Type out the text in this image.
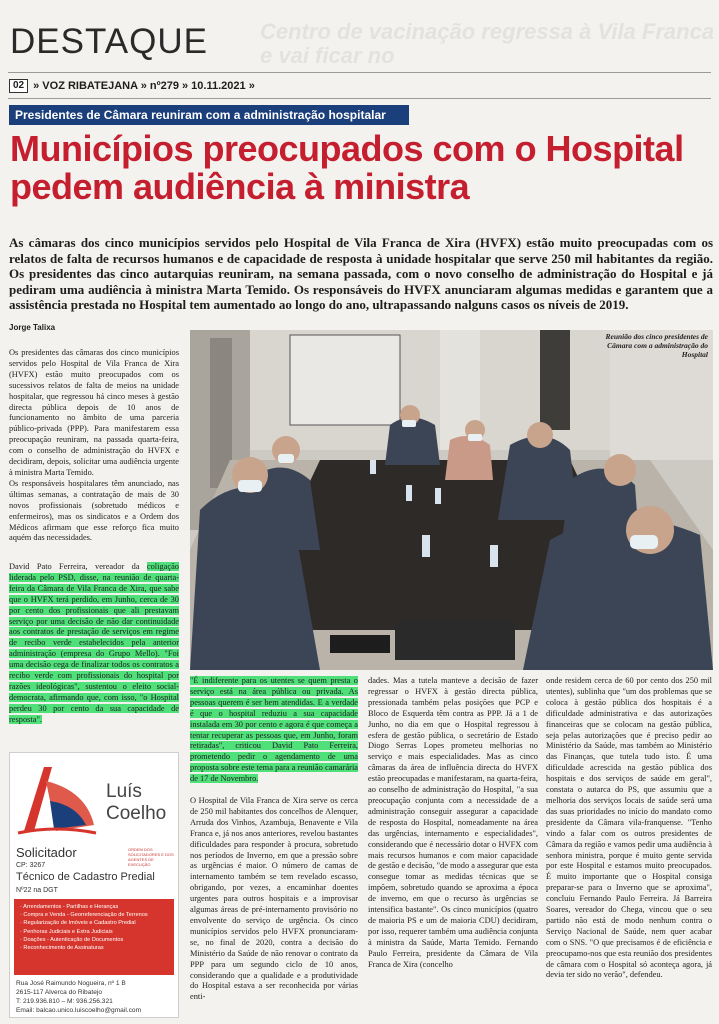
Centro de vacinação regressa à Vila Franca e vai ficar no
DESTAQUE
02 » VOZ RIBATEJANA » nº279 » 10.11.2021 »
Presidentes de Câmara reuniram com a administração hospitalar
Municípios preocupados com o Hospital pedem audiência à ministra
As câmaras dos cinco municípios servidos pelo Hospital de Vila Franca de Xira (HVFX) estão muito preocupadas com os relatos de falta de recursos humanos e de capacidade de resposta à unidade hospitalar que serve 250 mil habitantes da região. Os presidentes das cinco autarquias reuniram, na semana passada, com o novo conselho de administração do Hospital e já pediram uma audiência à ministra Marta Temido. Os responsáveis do HVFX anunciaram algumas medidas e garantem que a assistência prestada no Hospital tem aumentado ao longo do ano, ultrapassando nalguns casos os níveis de 2019.
Jorge Talixa
Reunião dos cinco presidentes de Câmara com a administração do Hospital

Os presidentes das câmaras dos cinco municípios servidos pelo Hospital de Vila Franca de Xira (HVFX) estão muito preocupados com os sucessivos relatos de falta de meios na unidade hospitalar, que regressou há cinco meses à gestão directa pública depois de 10 anos de funcionamento no âmbito de uma parceria público-privada (PPP). Para manifestarem essa preocupação reuniram, na passada quarta-feira, com o conselho de administração do HVFX e decidiram, depois, solicitar uma audiência urgente à ministra Marta Temido.

Os responsáveis hospitalares têm anunciado, nas últimas semanas, a contratação de mais de 30 novos profissionais (sobretudo médicos e enfermeiros), mas os sindicatos e a Ordem dos Médicos afirmam que esse reforço fica muito aquém das necessidades.

David Pato Ferreira, vereador da coligação liderada pelo PSD, disse, na reunião de quarta-feira da Câmara de Vila Franca de Xira, que sabe que o HVFX terá perdido, em Junho, cerca de 30 por cento dos profissionais que ali prestavam serviço por uma decisão de não dar continuidade aos contratos de prestação de serviços em regime de recibo verde estabelecidos pela anterior administração (empresa do Grupo Mello). "Foi uma decisão cega de finalizar todos os contratos a recibo verde com profissionais do hospital por razões ideológicas", sustentou o eleito social-democrata, afirmando que, com isso, "o Hospital perdeu 30 por cento da sua capacidade de resposta".

"É indiferente para os utentes se quem presta o serviço está na área pública ou privada. As pessoas querem é ser bem atendidas. E a verdade é que o hospital reduziu a sua capacidade instalada em 30 por cento e agora é que começa a tentar recuperar as pessoas que, em Junho, foram retiradas", criticou David Pato Ferreira, prometendo pedir o agendamento de uma proposta sobre este tema para a reunião camarária de 17 de Novembro.

O Hospital de Vila Franca de Xira serve os cerca de 250 mil habitantes dos concelhos de Alenquer, Arruda dos Vinhos, Azambuja, Benavente e Vila Franca e, já nos anos anteriores, revelou bastantes dificuldades para responder à procura, sobretudo nos períodos de Inverno, em que a pressão sobre as urgências é maior. O número de camas de internamento também se tem revelado escasso, obrigando, por vezes, a encaminhar doentes urgentes para outros hospitais e a improvisar algumas áreas de pré-internamento provisório no envolvente do serviço de urgência. Os cinco municípios servidos pelo HVFX pronunciaram-se, no final de 2020, contra a decisão do Ministério da Saúde de não renovar o contrato da PPP para um segundo ciclo de 10 anos, considerando que a qualidade e a produtividade do Hospital estava a ser reconhecida por várias enti-

dades. Mas a tutela manteve a decisão de fazer regressar o HVFX à gestão directa pública, pressionada também pelas posições que PCP e Bloco de Esquerda têm contra as PPP. Já a 1 de Junho, no dia em que o Hospital regressou à esfera de gestão pública, o secretário de Estado Diogo Serras Lopes prometeu melhorias no serviço e mais especialidades. Mas as cinco câmaras da área de influência directa do HVFX estão preocupadas e manifestaram, na quarta-feira, ao conselho de administração do Hospital, "a sua preocupação conjunta com a necessidade de a administração conseguir assegurar a capacidade de resposta do Hospital, nomeadamente na área das urgências, internamento e especialidades", considerando que é necessário dotar o HVFX com mais recursos humanos e com maior capacidade de gestão e decisão, "de modo a assegurar que esta consegue tomar as medidas técnicas que se impõem, sobretudo quando se aproxima a época de inverno, em que o recurso às urgências se intensifica bastante". Os cinco municípios (quatro de maioria PS e um de maioria CDU) decidiram, por isso, requerer também uma audiência conjunta à ministra da Saúde, Marta Temido. Fernando Paulo Ferreira, presidente da Câmara de Vila Franca de Xira (concelho

onde residem cerca de 60 por cento dos 250 mil utentes), sublinha que "um dos problemas que se coloca à gestão pública dos hospitais é a dificuldade administrativa e das autorizações financeiras que se colocam na gestão pública, seja pelas autorizações que é preciso pedir ao Ministério da Saúde, mas também ao Ministério das Finanças, que tutela tudo isto. É uma dificuldade acrescida na gestão pública dos hospitais e dos serviços de saúde em geral", constata o autarca do PS, que assumiu que a melhoria dos serviços locais de saúde será uma das suas prioridades no início do mandato como presidente da Câmara vila-franquense. "Tenho vindo a falar com os outros presidentes de Câmara da região e vamos pedir uma audiência à senhora ministra, porque é muito gente servida por este Hospital e estamos muito preocupados. É muito importante que o Hospital consiga preparar-se para o Inverno que se aproxima", concluiu Fernando Paulo Ferreira. Já Barreira Soares, vereador do Chega, vincou que o seu partido não está de modo nenhum contra o Serviço Nacional de Saúde, nem quer acabar com o SNS. "O que precisamos é de eficiência e preocupamo-nos que esta reunião dos presidentes de câmara com o Hospital só aconteça agora, já devia ter sido no verão", defendeu.

Luís
Coelho
Solicitador	ORDEM DOS SOLICITADORES E DOS AGENTES DE EXECUÇÃO
CP: 3267
Técnico de Cadastro Predial
Nº22 na DGT
· Arrendamentos - Partilhas e Heranças
· Compra e Venda - Georreferenciação de Terrenos
· Regularização de Imóveis e Cadastro Predial
· Penhoras Judiciais e Extra Judiciais
· Doações - Autenticação de Documentos
· Reconhecimento de Assinaturas
Rua José Raimundo Nogueira, nº 1 B
2615-117 Alverca do Ribatejo
T: 219.936.810 – M: 936.256.321
Email: balcao.unico.luiscoelho@gmail.com
